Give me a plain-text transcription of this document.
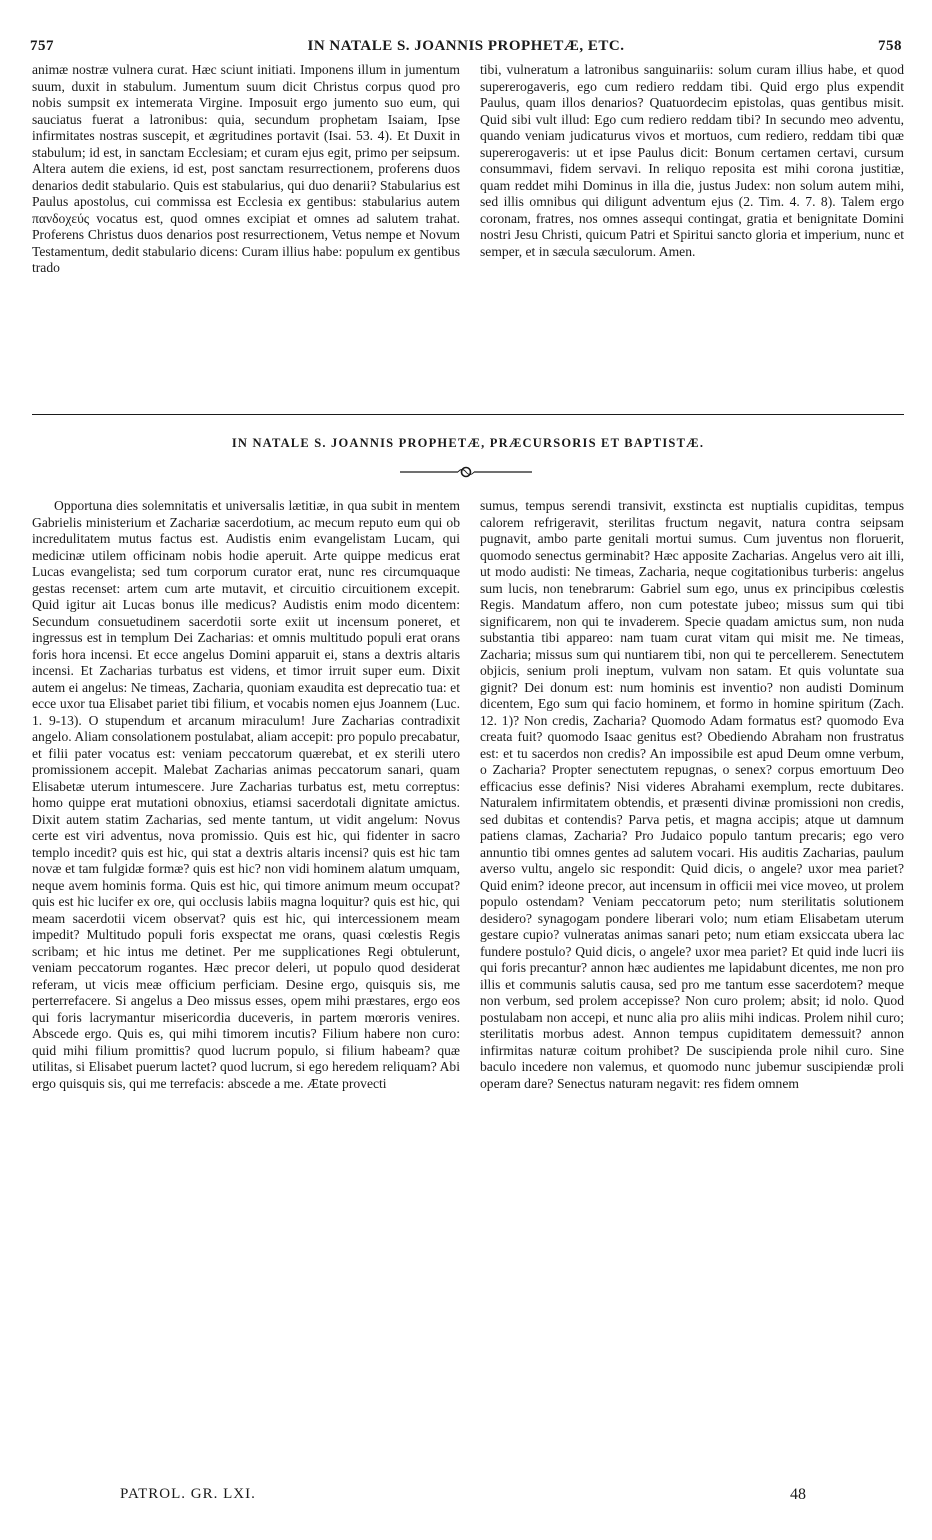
757	IN NATALE S. JOANNIS PROPHETÆ, ETC.	758

animæ nostræ vulnera curat. Hæc sciunt initiati. Imponens illum in jumentum suum, duxit in stabulum. Jumentum suum dicit Christus corpus quod pro nobis sumpsit ex intemerata Virgine. Imposuit ergo jumento suo eum, qui sauciatus fuerat a latronibus: quia, secundum prophetam Isaiam, Ipse infirmitates nostras suscepit, et ægritudines portavit (Isai. 53. 4). Et Duxit in stabulum; id est, in sanctam Ecclesiam; et curam ejus egit, primo per seipsum. Altera autem die exiens, id est, post sanctam resurrectionem, proferens duos denarios dedit stabulario. Quis est stabularius, qui duo denarii? Stabularius est Paulus apostolus, cui commissa est Ecclesia ex gentibus: stabularius autem πανδοχεύς vocatus est, quod omnes excipiat et omnes ad salutem trahat. Proferens Christus duos denarios post resurrectionem, Vetus nempe et Novum Testamentum, dedit stabulario dicens: Curam illius habe: populum ex gentibus trado

tibi, vulneratum a latronibus sanguinariis: solum curam illius habe, et quod supererogaveris, ego cum rediero reddam tibi. Quid ergo plus expendit Paulus, quam illos denarios? Quatuordecim epistolas, quas gentibus misit. Quid sibi vult illud: Ego cum rediero reddam tibi? In secundo meo adventu, quando veniam judicaturus vivos et mortuos, cum rediero, reddam tibi quæ supererogaveris: ut et ipse Paulus dicit: Bonum certamen certavi, cursum consummavi, fidem servavi. In reliquo reposita est mihi corona justitiæ, quam reddet mihi Dominus in illa die, justus Judex: non solum autem mihi, sed illis omnibus qui diligunt adventum ejus (2. Tim. 4. 7. 8). Talem ergo coronam, fratres, nos omnes assequi contingat, gratia et benignitate Domini nostri Jesu Christi, quicum Patri et Spiritui sancto gloria et imperium, nunc et semper, et in sæcula sæculorum. Amen.

IN NATALE S. JOANNIS PROPHETÆ, PRÆCURSORIS ET BAPTISTÆ.

Opportuna dies solemnitatis et universalis lætitiæ, in qua subit in mentem Gabrielis ministerium et Zachariæ sacerdotium, ac mecum reputo eum qui ob incredulitatem mutus factus est. Audistis enim evangelistam Lucam, qui medicinæ utilem officinam nobis hodie aperuit. Arte quippe medicus erat Lucas evangelista; sed tum corporum curator erat, nunc res circumquaque gestas recenset: artem cum arte mutavit, et circuitio circuitionem excepit. Quid igitur ait Lucas bonus ille medicus? Audistis enim modo dicentem: Secundum consuetudinem sacerdotii sorte exiit ut incensum poneret, et ingressus est in templum Dei Zacharias: et omnis multitudo populi erat orans foris hora incensi. Et ecce angelus Domini apparuit ei, stans a dextris altaris incensi. Et Zacharias turbatus est videns, et timor irruit super eum. Dixit autem ei angelus: Ne timeas, Zacharia, quoniam exaudita est deprecatio tua: et ecce uxor tua Elisabet pariet tibi filium, et vocabis nomen ejus Joannem (Luc. 1. 9-13). O stupendum et arcanum miraculum! Jure Zacharias contradixit angelo. Aliam consolationem postulabat, aliam accepit: pro populo precabatur, et filii pater vocatus est: veniam peccatorum quærebat, et ex sterili utero promissionem accepit. Malebat Zacharias animas peccatorum sanari, quam Elisabetæ uterum intumescere. Jure Zacharias turbatus est, metu correptus: homo quippe erat mutationi obnoxius, etiamsi sacerdotali dignitate amictus. Dixit autem statim Zacharias, sed mente tantum, ut vidit angelum: Novus certe est viri adventus, nova promissio. Quis est hic, qui fidenter in sacro templo incedit? quis est hic, qui stat a dextris altaris incensi? quis est hic tam novæ et tam fulgidæ formæ? quis est hic? non vidi hominem alatum umquam, neque avem hominis forma. Quis est hic, qui timore animum meum occupat? quis est hic lucifer ex ore, qui occlusis labiis magna loquitur? quis est hic, qui meam sacerdotii vicem observat? quis est hic, qui intercessionem meam impedit? Multitudo populi foris exspectat me orans, quasi cœlestis Regis scribam; et hic intus me detinet. Per me supplicationes Regi obtulerunt, veniam peccatorum rogantes. Hæc precor deleri, ut populo quod desiderat referam, ut vicis meæ officium perficiam. Desine ergo, quisquis sis, me perterrefacere. Si angelus a Deo missus esses, opem mihi præstares, ergo eos qui foris lacrymantur misericordia duceveris, in partem mœroris venires. Abscede ergo. Quis es, qui mihi timorem incutis? Filium habere non curo: quid mihi filium promittis? quod lucrum populo, si filium habeam? quæ utilitas, si Elisabet puerum lactet? quod lucrum, si ego heredem reliquam? Abi ergo quisquis sis, qui me terrefacis: abscede a me. Ætate provecti

sumus, tempus serendi transivit, exstincta est nuptialis cupiditas, tempus calorem refrigeravit, sterilitas fructum negavit, natura contra seipsam pugnavit, ambo parte genitali mortui sumus. Cum juventus non floruerit, quomodo senectus germinabit? Hæc apposite Zacharias. Angelus vero ait illi, ut modo audisti: Ne timeas, Zacharia, neque cogitationibus turberis: angelus sum lucis, non tenebrarum: Gabriel sum ego, unus ex principibus cœlestis Regis. Mandatum affero, non cum potestate jubeo; missus sum qui tibi significarem, non qui te invaderem. Specie quadam amictus sum, non nuda substantia tibi appareo: nam tuam curat vitam qui misit me. Ne timeas, Zacharia; missus sum qui nuntiarem tibi, non qui te percellerem. Senectutem objicis, senium proli ineptum, vulvam non satam. Et quis voluntate sua gignit? Dei donum est: num hominis est inventio? non audisti Dominum dicentem, Ego sum qui facio hominem, et formo in homine spiritum (Zach. 12. 1)? Non credis, Zacharia? Quomodo Adam formatus est? quomodo Eva creata fuit? quomodo Isaac genitus est? Obediendo Abraham non frustratus est: et tu sacerdos non credis? An impossibile est apud Deum omne verbum, o Zacharia? Propter senectutem repugnas, o senex? corpus emortuum Deo efficacius esse definis? Nisi videres Abrahami exemplum, recte dubitares. Naturalem infirmitatem obtendis, et præsenti divinæ promissioni non credis, sed dubitas et contendis? Parva petis, et magna accipis; atque ut damnum patiens clamas, Zacharia? Pro Judaico populo tantum precaris; ego vero annuntio tibi omnes gentes ad salutem vocari. His auditis Zacharias, paulum averso vultu, angelo sic respondit: Quid dicis, o angele? uxor mea pariet? Quid enim? ideone precor, aut incensum in officii mei vice moveo, ut prolem populo ostendam? Veniam peccatorum peto; num sterilitatis solutionem desidero? synagogam pondere liberari volo; num etiam Elisabetam uterum gestare cupio? vulneratas animas sanari peto; num etiam exsiccata ubera lac fundere postulo? Quid dicis, o angele? uxor mea pariet? Et quid inde lucri iis qui foris precantur? annon hæc audientes me lapidabunt dicentes, me non pro illis et communis salutis causa, sed pro me tantum esse sacerdotem? meque non verbum, sed prolem accepisse? Non curo prolem; absit; id nolo. Quod postulabam non accepi, et nunc alia pro aliis mihi indicas. Prolem nihil curo; sterilitatis morbus adest. Annon tempus cupiditatem demessuit? annon infirmitas naturæ coitum prohibet? De suscipienda prole nihil curo. Sine baculo incedere non valemus, et quomodo nunc jubemur suscipiendæ proli operam dare? Senectus naturam negavit: res fidem omnem

PATROL. GR. LXI.	48
